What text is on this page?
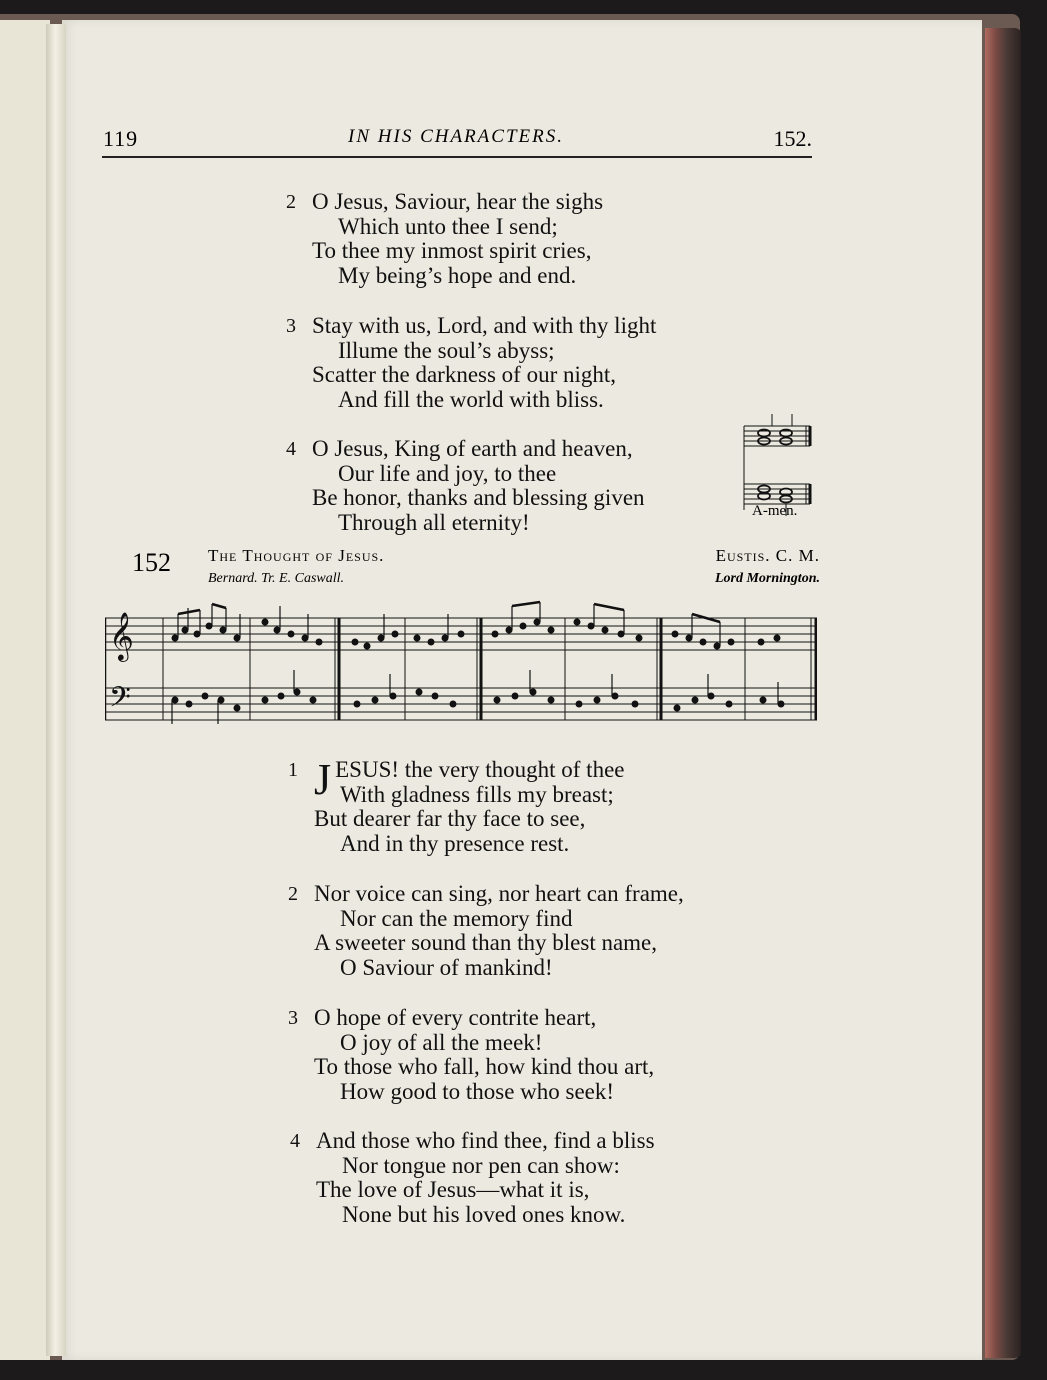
119	IN HIS CHARACTERS.	152.
2 O Jesus, Saviour, hear the sighs
Which unto thee I send;
To thee my inmost spirit cries,
My being’s hope and end.
3 Stay with us, Lord, and with thy light
Illume the soul’s abyss;
Scatter the darkness of our night,
And fill the world with bliss.
4 O Jesus, King of earth and heaven,
Our life and joy, to thee
Be honor, thanks and blessing given
Through all eternity!	A-men.
152 The Thought of Jesus.	Eustis. C. M.
Bernard. Tr. E. Caswall.	Lord Mornington.
𝄞
𝄢
1 JESUS! the very thought of thee
With gladness fills my breast;
But dearer far thy face to see,
And in thy presence rest.
2 Nor voice can sing, nor heart can frame,
Nor can the memory find
A sweeter sound than thy blest name,
O Saviour of mankind!
3 O hope of every contrite heart,
O joy of all the meek!
To those who fall, how kind thou art,
How good to those who seek!
4 And those who find thee, find a bliss
Nor tongue nor pen can show:
The love of Jesus—what it is,
None but his loved ones know.
